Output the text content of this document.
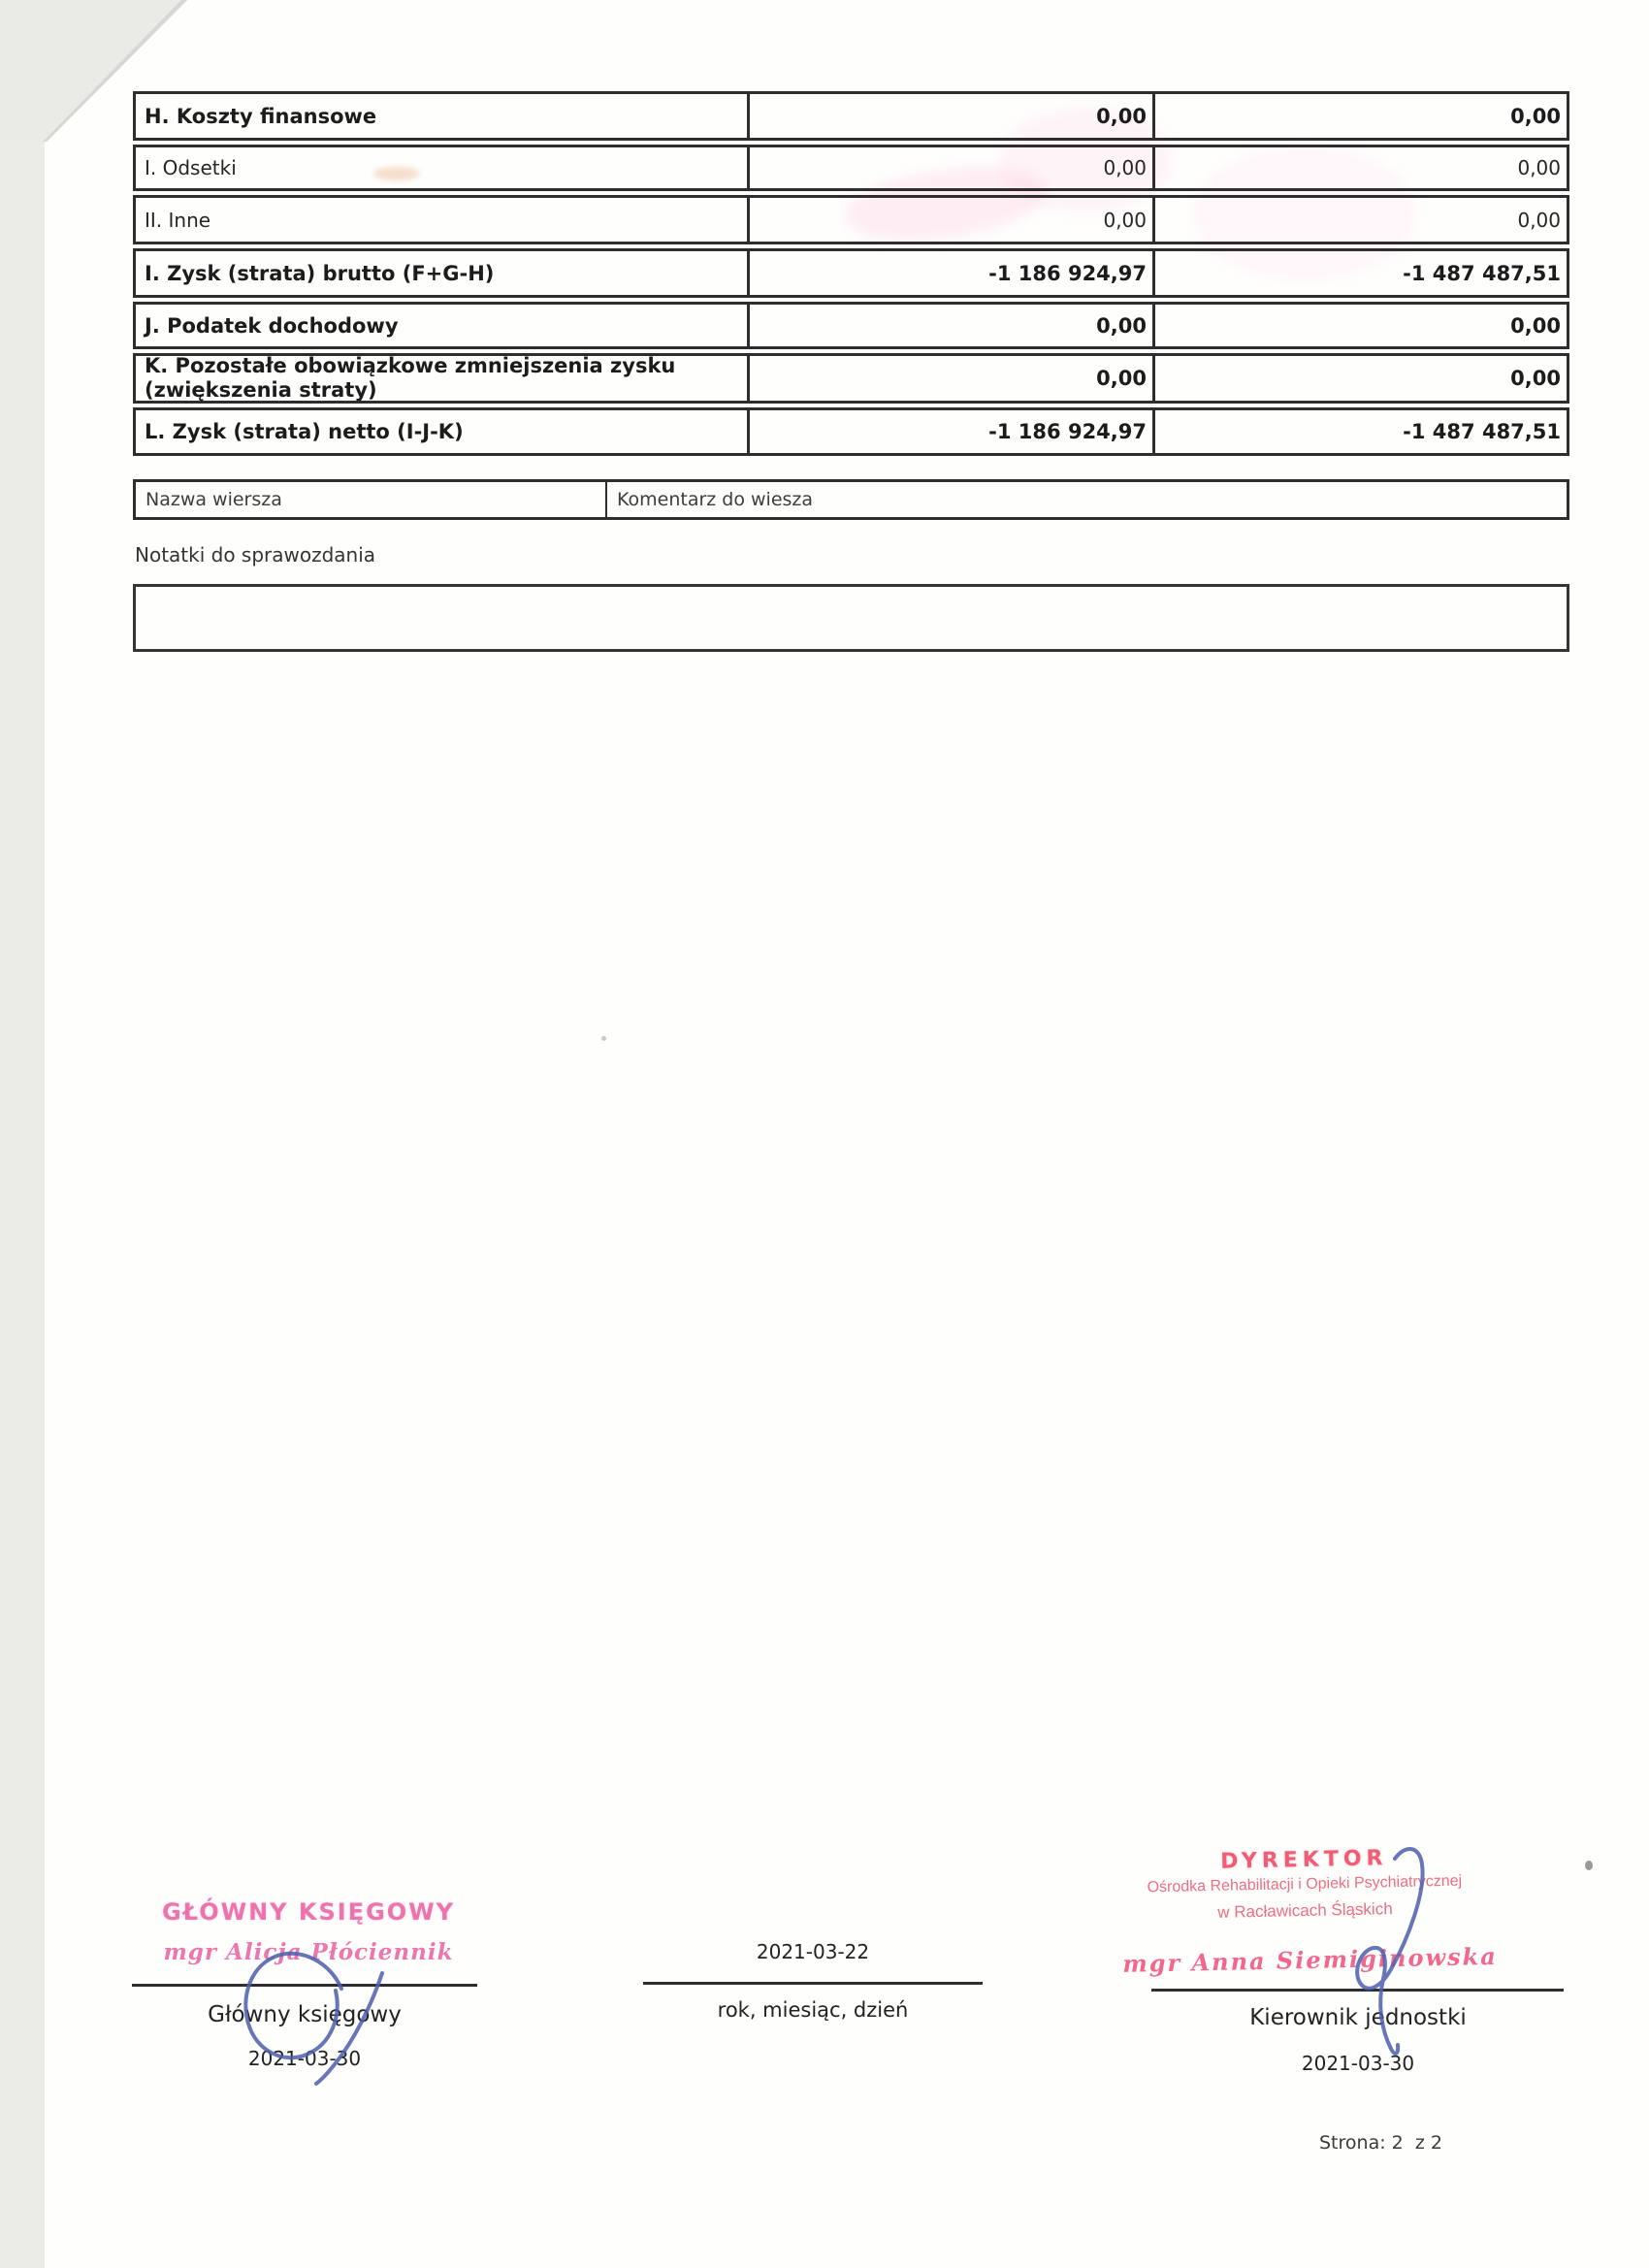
H. Koszty finansowe	0,00	0,00
I. Odsetki	0,00	0,00
II. Inne	0,00	0,00
I. Zysk (strata) brutto (F+G-H)	-1 186 924,97	-1 487 487,51
J. Podatek dochodowy	0,00	0,00
K. Pozostałe obowiązkowe zmniejszenia zysku (zwiększenia straty)	0,00	0,00
L. Zysk (strata) netto (I-J-K)	-1 186 924,97	-1 487 487,51
Nazwa wiersza	Komentarz do wiesza
Notatki do sprawozdania
GŁÓWNY KSIĘGOWY
mgr Alicja Płóciennik
Główny księgowy
2021-03-30
2021-03-22
rok, miesiąc, dzień
DYREKTOR
Ośrodka Rehabilitacji i Opieki Psychiatrycznej
w Racławicach Śląskich
mgr Anna Siemiginowska
Kierownik jednostki
2021-03-30
Strona: 2  z 2
